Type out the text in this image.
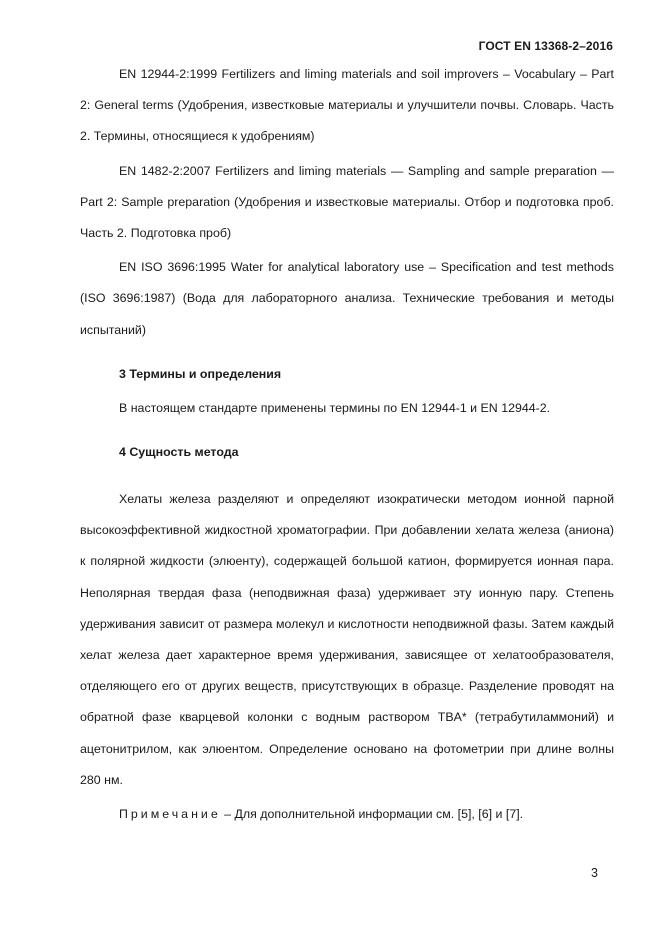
ГОСТ EN 13368-2–2016

EN 12944-2:1999 Fertilizers and liming materials and soil improvers – Vocabulary – Part 2: General terms (Удобрения, известковые материалы и улучшители почвы. Словарь. Часть 2. Термины, относящиеся к удобрениям)

EN 1482-2:2007 Fertilizers and liming materials — Sampling and sample preparation — Part 2: Sample preparation (Удобрения и известковые материалы. Отбор и подготовка проб. Часть 2. Подготовка проб)

EN ISO 3696:1995 Water for analytical laboratory use – Specification and test methods (ISO 3696:1987) (Вода для лабораторного анализа. Технические требования и методы испытаний)

3 Термины и определения

В настоящем стандарте применены термины по EN 12944-1 и EN 12944-2.

4 Сущность метода

Хелаты железа разделяют и определяют изократически методом ионной парной высокоэффективной жидкостной хроматографии. При добавлении хелата железа (аниона) к полярной жидкости (элюенту), содержащей большой катион, формируется ионная пара. Неполярная твердая фаза (неподвижная фаза) удерживает эту ионную пару. Степень удерживания зависит от размера молекул и кислотности неподвижной фазы. Затем каждый хелат железа дает характерное время удерживания, зависящее от хелатообразователя, отделяющего его от других веществ, присутствующих в образце. Разделение проводят на обратной фазе кварцевой колонки с водным раствором TBA* (тетрабутиламмоний) и ацетонитрилом, как элюентом. Определение основано на фотометрии при длине волны 280 нм.

Примечание – Для дополнительной информации см. [5], [6] и [7].

3
